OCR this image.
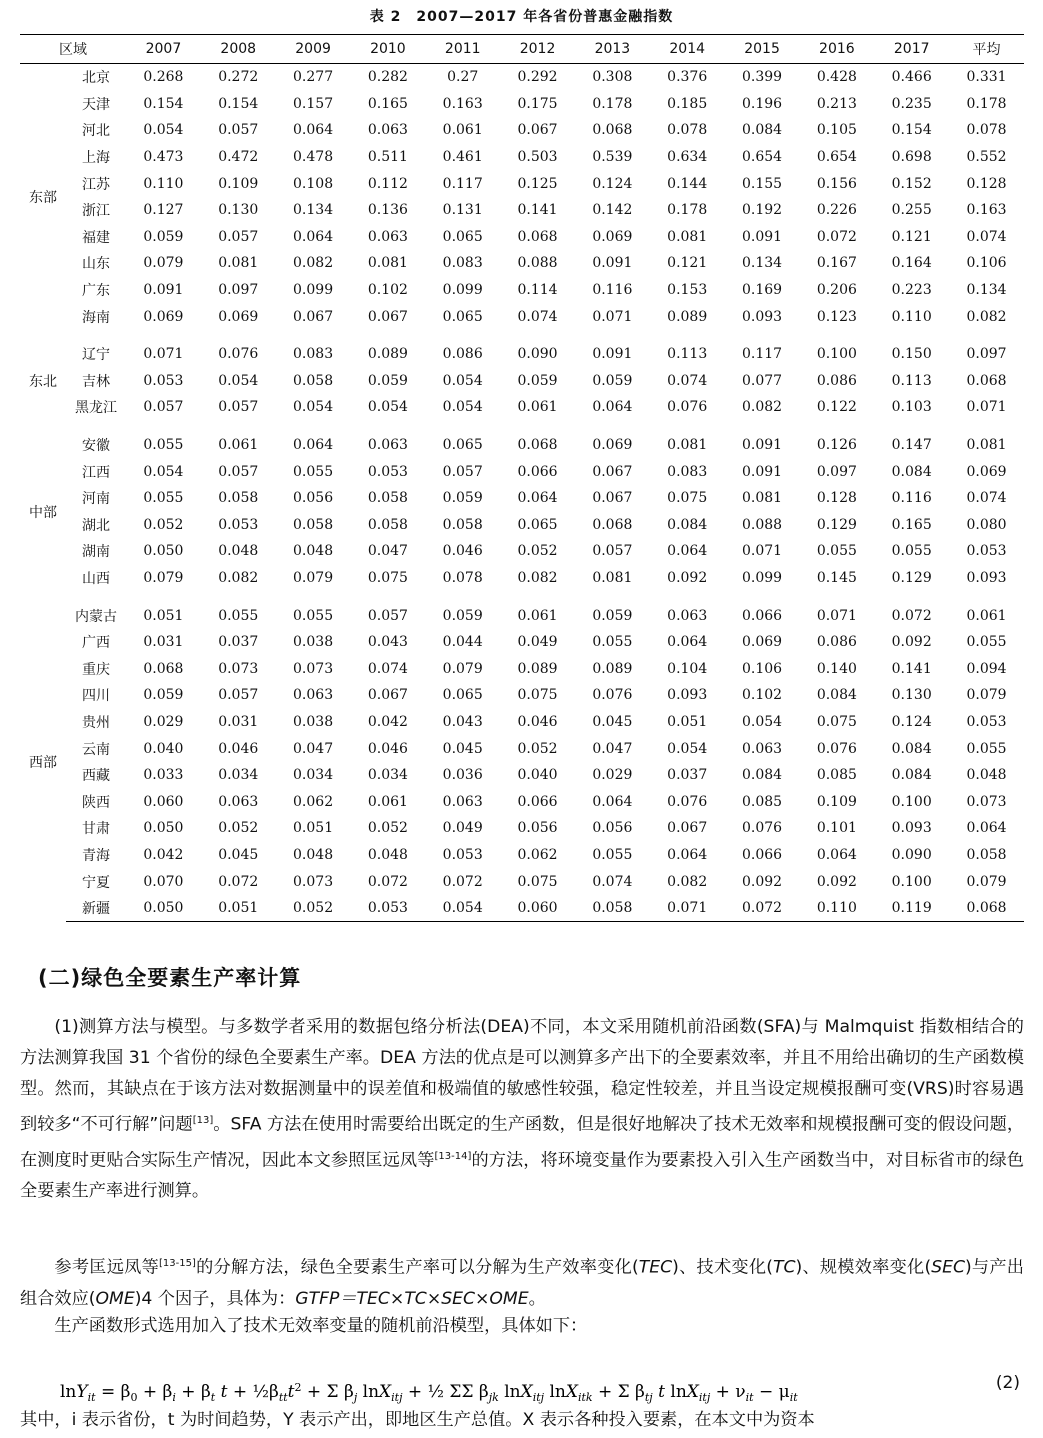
表 2　2007—2017 年各省份普惠金融指数
区域		2007	2008	2009	2010	2011	2012	2013	2014	2015	2016	2017	平均
东部	北京	0.268	0.272	0.277	0.282	0.27	0.292	0.308	0.376	0.399	0.428	0.466	0.331
	天津	0.154	0.154	0.157	0.165	0.163	0.175	0.178	0.185	0.196	0.213	0.235	0.178
	河北	0.054	0.057	0.064	0.063	0.061	0.067	0.068	0.078	0.084	0.105	0.154	0.078
	上海	0.473	0.472	0.478	0.511	0.461	0.503	0.539	0.634	0.654	0.654	0.698	0.552
	江苏	0.110	0.109	0.108	0.112	0.117	0.125	0.124	0.144	0.155	0.156	0.152	0.128
	浙江	0.127	0.130	0.134	0.136	0.131	0.141	0.142	0.178	0.192	0.226	0.255	0.163
	福建	0.059	0.057	0.064	0.063	0.065	0.068	0.069	0.081	0.091	0.072	0.121	0.074
	山东	0.079	0.081	0.082	0.081	0.083	0.088	0.091	0.121	0.134	0.167	0.164	0.106
	广东	0.091	0.097	0.099	0.102	0.099	0.114	0.116	0.153	0.169	0.206	0.223	0.134
	海南	0.069	0.069	0.067	0.067	0.065	0.074	0.071	0.089	0.093	0.123	0.110	0.082

东北	辽宁	0.071	0.076	0.083	0.089	0.086	0.090	0.091	0.113	0.117	0.100	0.150	0.097
	吉林	0.053	0.054	0.058	0.059	0.054	0.059	0.059	0.074	0.077	0.086	0.113	0.068
	黑龙江	0.057	0.057	0.054	0.054	0.054	0.061	0.064	0.076	0.082	0.122	0.103	0.071

中部	安徽	0.055	0.061	0.064	0.063	0.065	0.068	0.069	0.081	0.091	0.126	0.147	0.081
	江西	0.054	0.057	0.055	0.053	0.057	0.066	0.067	0.083	0.091	0.097	0.084	0.069
	河南	0.055	0.058	0.056	0.058	0.059	0.064	0.067	0.075	0.081	0.128	0.116	0.074
	湖北	0.052	0.053	0.058	0.058	0.058	0.065	0.068	0.084	0.088	0.129	0.165	0.080
	湖南	0.050	0.048	0.048	0.047	0.046	0.052	0.057	0.064	0.071	0.055	0.055	0.053
	山西	0.079	0.082	0.079	0.075	0.078	0.082	0.081	0.092	0.099	0.145	0.129	0.093

西部	内蒙古	0.051	0.055	0.055	0.057	0.059	0.061	0.059	0.063	0.066	0.071	0.072	0.061
	广西	0.031	0.037	0.038	0.043	0.044	0.049	0.055	0.064	0.069	0.086	0.092	0.055
	重庆	0.068	0.073	0.073	0.074	0.079	0.089	0.089	0.104	0.106	0.140	0.141	0.094
	四川	0.059	0.057	0.063	0.067	0.065	0.075	0.076	0.093	0.102	0.084	0.130	0.079
	贵州	0.029	0.031	0.038	0.042	0.043	0.046	0.045	0.051	0.054	0.075	0.124	0.053
	云南	0.040	0.046	0.047	0.046	0.045	0.052	0.047	0.054	0.063	0.076	0.084	0.055
	西藏	0.033	0.034	0.034	0.034	0.036	0.040	0.029	0.037	0.084	0.085	0.084	0.048
	陕西	0.060	0.063	0.062	0.061	0.063	0.066	0.064	0.076	0.085	0.109	0.100	0.073
	甘肃	0.050	0.052	0.051	0.052	0.049	0.056	0.056	0.067	0.076	0.101	0.093	0.064
	青海	0.042	0.045	0.048	0.048	0.053	0.062	0.055	0.064	0.066	0.064	0.090	0.058
	宁夏	0.070	0.072	0.073	0.072	0.072	0.075	0.074	0.082	0.092	0.092	0.100	0.079
	新疆	0.050	0.051	0.052	0.053	0.054	0.060	0.058	0.071	0.072	0.110	0.119	0.068
(二)绿色全要素生产率计算

(1)测算方法与模型。与多数学者采用的数据包络分析法(DEA)不同，本文采用随机前沿函数(SFA)与 Malmquist 指数相结合的方法测算我国 31 个省份的绿色全要素生产率。DEA 方法的优点是可以测算多产出下的全要素效率，并且不用给出确切的生产函数模型。然而，其缺点在于该方法对数据测量中的误差值和极端值的敏感性较强，稳定性较差，并且当设定规模报酬可变(VRS)时容易遇到较多“不可行解”问题[13]。SFA 方法在使用时需要给出既定的生产函数，但是很好地解决了技术无效率和规模报酬可变的假设问题，在测度时更贴合实际生产情况，因此本文参照匡远凤等[13-14]的方法，将环境变量作为要素投入引入生产函数当中，对目标省市的绿色全要素生产率进行测算。

参考匡远凤等[13-15]的分解方法，绿色全要素生产率可以分解为生产效率变化(TEC)、技术变化(TC)、规模效率变化(SEC)与产出组合效应(OME)4 个因子，具体为：GTFP＝TEC×TC×SEC×OME。

生产函数形式选用加入了技术无效率变量的随机前沿模型，具体如下：

$\ln Y_{it} = \beta_0 + \beta_i + \beta_t$ $t + \frac{1}{2}\beta_{tt}t^2 + \Sigma$ $\beta_j$ lnX$_{itj}$ + ½ ΣΣ $\beta_{jk}$ lnX$_{itj}$ lnX$_{itk}$ + Σ $\beta_{tj}$ t $\ln X_{itj} + \nu_{it} - \mu_{it}$
(2)

其中，i 表示省份，t 为时间趋势，Y 表示产出，即地区生产总值。X 表示各种投入要素，在本文中为资本
